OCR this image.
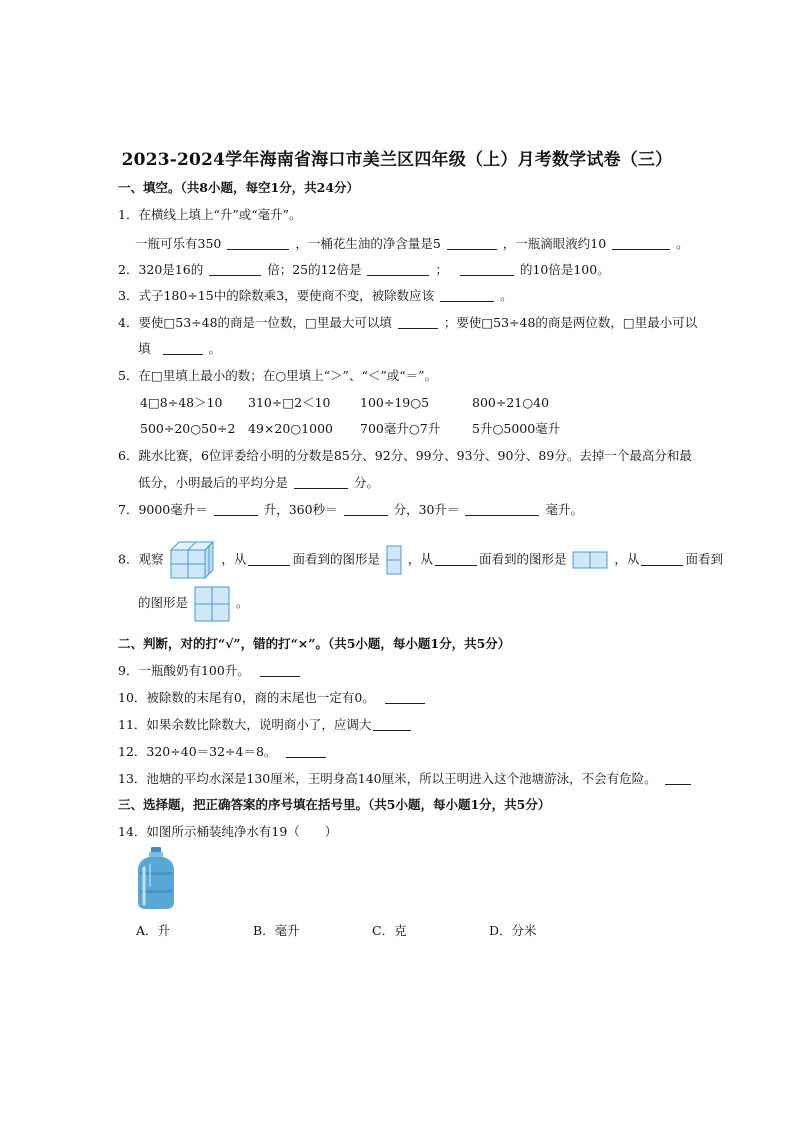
2023-2024学年海南省海口市美兰区四年级（上）月考数学试卷（三）
一、填空。（共8小题，每空1分，共24分）
1．在横线上填上“升”或“毫升”。
一瓶可乐有350	，一桶花生油的净含量是5	，一瓶滴眼液约10	。
2．320是16的	倍；25的12倍是	；	的10倍是100。
3．式子180÷15中的除数乘3，要使商不变，被除数应该	。
4．要使□53÷48的商是一位数，□里最大可以填	；要使□53÷48的商是两位数，□里最小可以
填	。
5．在□里填上最小的数；在○里填上“＞”、“＜”或“＝”。
4□8÷48＞10 310÷□2＜10 100÷19○5	800÷21○40
500÷20○50÷2 49×20○1000 700毫升○7升	5升○5000毫升
6．跳水比赛，6位评委给小明的分数是85分、92分、99分、93分、90分、89分。去掉一个最高分和最
低分，小明最后的平均分是	分。
7．9000毫升＝	升，360秒＝	分，30升＝	毫升。
8．观察	，从	面看到的图形是 ，从	面看到的图形是	，从	面看到
的图形是	。
二、判断，对的打“√”，错的打“×”。（共5小题，每小题1分，共5分）
9．一瓶酸奶有100升。
10．被除数的末尾有0，商的末尾也一定有0。
11．如果余数比除数大，说明商小了，应调大
12．320÷40＝32÷4＝8。
13．池塘的平均水深是130厘米，王明身高140厘米，所以王明进入这个池塘游泳，不会有危险。
三、选择题，把正确答案的序号填在括号里。（共5小题，每小题1分，共5分）
14．如图所示桶装纯净水有19（　　）
A．升	B．毫升	C．克	D．分米
